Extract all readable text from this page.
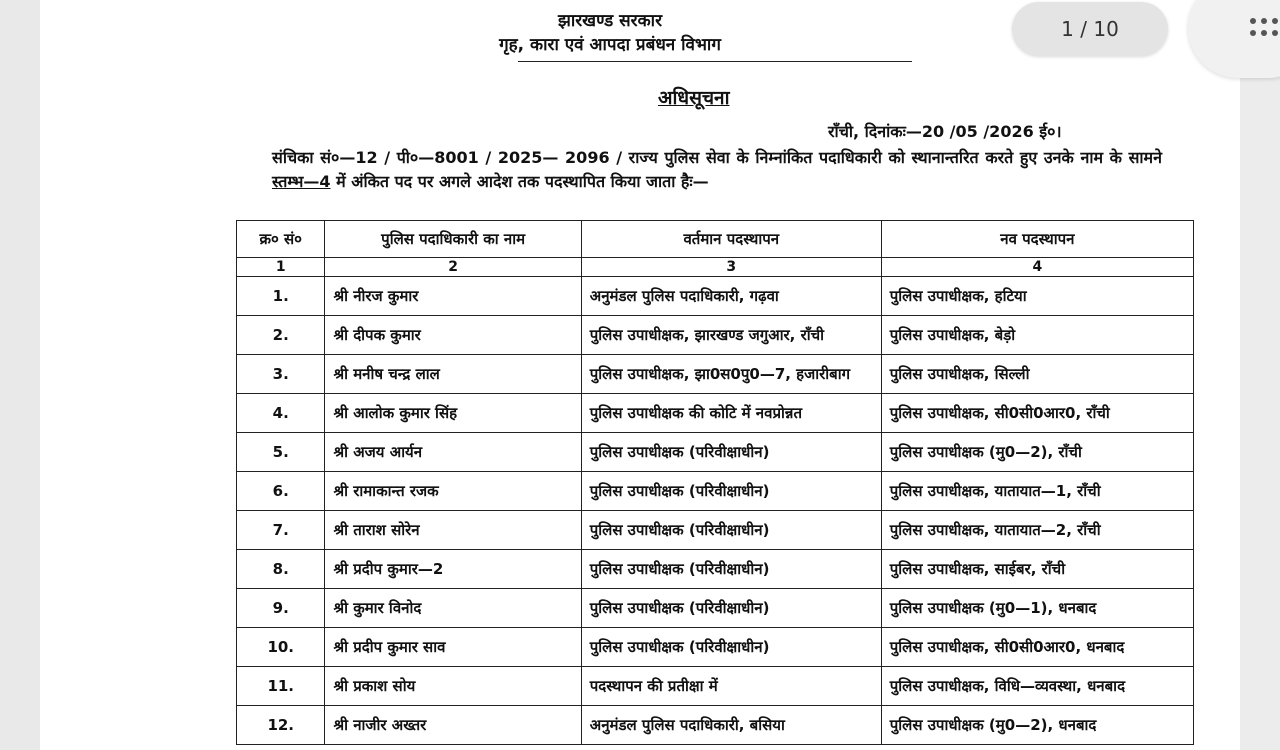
झारखण्ड सरकार
गृह, कारा एवं आपदा प्रबंधन विभाग
अधिसूचना
राँची, दिनांकः—20 /05 /2026 ई०।
संचिका सं०—12 / पी०—8001 / 2025— 2096 / राज्य पुलिस सेवा के निम्नांकित पदाधिकारी को स्थानान्तरित करते हुए उनके नाम के सामने स्तम्भ—4 में अंकित पद पर अगले आदेश तक पदस्थापित किया जाता हैः—
क्र० सं०	पुलिस पदाधिकारी का नाम	वर्तमान पदस्थापन	नव पदस्थापन
1	2	3	4
1.	श्री नीरज कुमार	अनुमंडल पुलिस पदाधिकारी, गढ़वा	पुलिस उपाधीक्षक, हटिया
2.	श्री दीपक कुमार	पुलिस उपाधीक्षक, झारखण्ड जगुआर, राँची	पुलिस उपाधीक्षक, बेड़ो
3.	श्री मनीष चन्द्र लाल	पुलिस उपाधीक्षक, झा0स0पु0—7, हजारीबाग	पुलिस उपाधीक्षक, सिल्ली
4.	श्री आलोक कुमार सिंह	पुलिस उपाधीक्षक की कोटि में नवप्रोन्नत	पुलिस उपाधीक्षक, सी0सी0आर0, राँची
5.	श्री अजय आर्यन	पुलिस उपाधीक्षक (परिवीक्षाधीन)	पुलिस उपाधीक्षक (मु0—2), राँची
6.	श्री रामाकान्त रजक	पुलिस उपाधीक्षक (परिवीक्षाधीन)	पुलिस उपाधीक्षक, यातायात—1, राँची
7.	श्री ताराश सोरेन	पुलिस उपाधीक्षक (परिवीक्षाधीन)	पुलिस उपाधीक्षक, यातायात—2, राँची
8.	श्री प्रदीप कुमार—2	पुलिस उपाधीक्षक (परिवीक्षाधीन)	पुलिस उपाधीक्षक, साईबर, राँची
9.	श्री कुमार विनोद	पुलिस उपाधीक्षक (परिवीक्षाधीन)	पुलिस उपाधीक्षक (मु0—1), धनबाद
10.	श्री प्रदीप कुमार साव	पुलिस उपाधीक्षक (परिवीक्षाधीन)	पुलिस उपाधीक्षक, सी0सी0आर0, धनबाद
11.	श्री प्रकाश सोय	पदस्थापन की प्रतीक्षा में	पुलिस उपाधीक्षक, विधि—व्यवस्था, धनबाद
12.	श्री नाजीर अख्तर	अनुमंडल पुलिस पदाधिकारी, बसिया	पुलिस उपाधीक्षक (मु0—2), धनबाद
1 / 10
